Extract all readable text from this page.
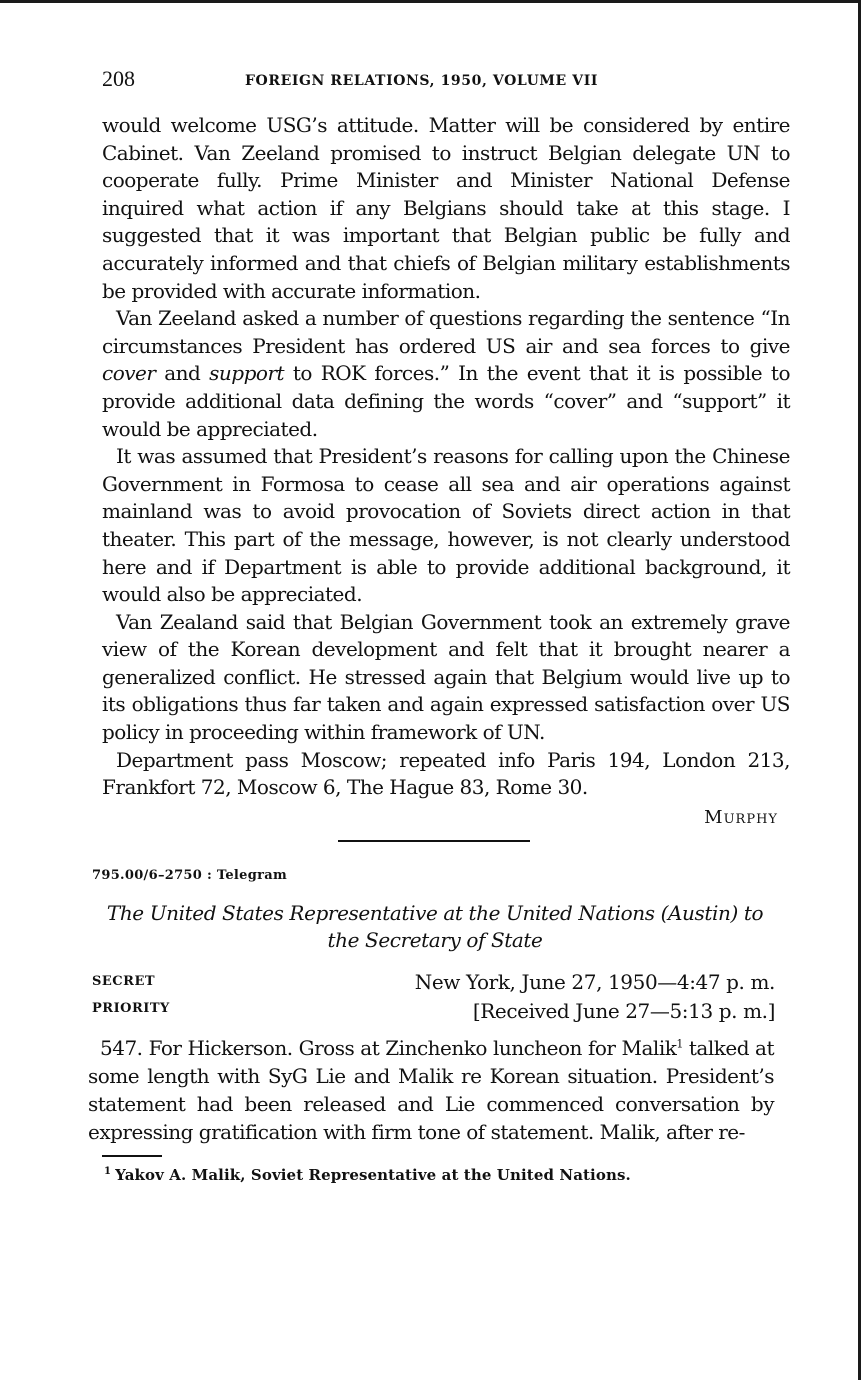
208	FOREIGN RELATIONS, 1950, VOLUME VII

would welcome USG’s attitude. Matter will be considered by entire Cabinet. Van Zeeland promised to instruct Belgian delegate UN to cooperate fully. Prime Minister and Minister National Defense inquired what action if any Belgians should take at this stage. I suggested that it was important that Belgian public be fully and accurately informed and that chiefs of Belgian military establishments be provided with accurate information.

Van Zeeland asked a number of questions regarding the sentence “In circumstances President has ordered US air and sea forces to give cover and support to ROK forces.” In the event that it is possible to provide additional data defining the words “cover” and “support” it would be appreciated.

It was assumed that President’s reasons for calling upon the Chinese Government in Formosa to cease all sea and air operations against mainland was to avoid provocation of Soviets direct action in that theater. This part of the message, however, is not clearly understood here and if Department is able to provide additional background, it would also be appreciated.

Van Zealand said that Belgian Government took an extremely grave view of the Korean development and felt that it brought nearer a generalized conflict. He stressed again that Belgium would live up to its obligations thus far taken and again expressed satisfaction over US policy in proceeding within framework of UN.

Department pass Moscow; repeated info Paris 194, London 213, Frankfort 72, Moscow 6, The Hague 83, Rome 30.

Murphy
795.00/6–2750 : Telegram
The United States Representative at the United Nations (Austin) to
the Secretary of State
SECRET
PRIORITY
New York, June 27, 1950—4:47 p. m.
[Received June 27—5:13 p. m.]

547. For Hickerson. Gross at Zinchenko luncheon for Malik$^1$ talked at some length with SyG Lie and Malik re Korean situation. President’s statement had been released and Lie commenced conversation by expressing gratification with firm tone of statement. Malik, after re-

$^1$ Yakov A. Malik, Soviet Representative at the United Nations.
